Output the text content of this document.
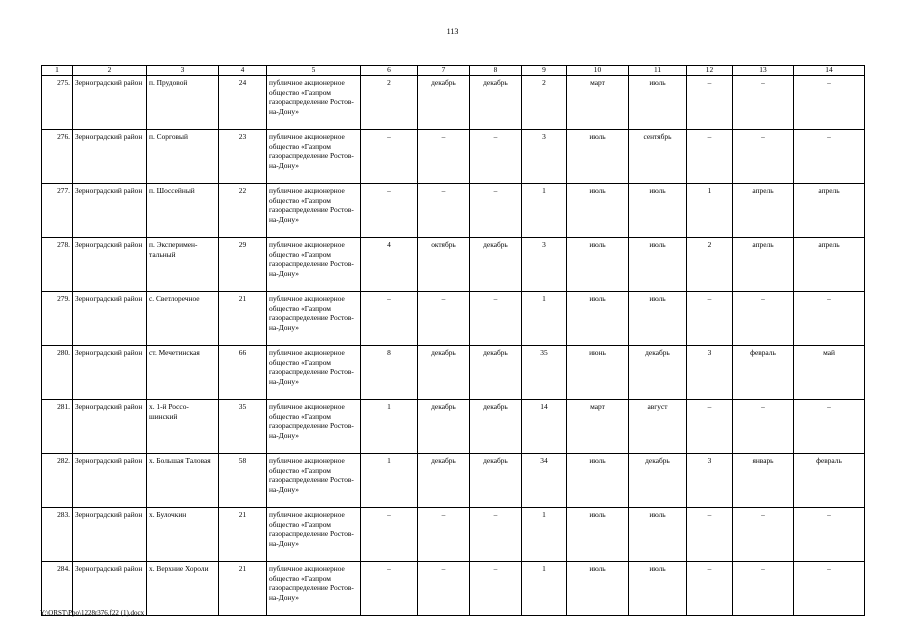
113
1	2	3	4	5	6	7	8	9	10	11	12	13	14
275.	Зерноградский район	п. Прудовой	24	публичное акционерное общество «Газпром газораспределение Ростов-на-Дону»	2	декабрь	декабрь	2	март	июль	–	–	–
276.	Зерноградский район	п. Сорговый	23	публичное акционерное общество «Газпром газораспределение Ростов-на-Дону»	–	–	–	3	июль	сентябрь	–	–	–
277.	Зерноградский район	п. Шоссейный	22	публичное акционерное общество «Газпром газораспределение Ростов-на-Дону»	–	–	–	1	июль	июль	1	апрель	апрель
278.	Зерноградский район	п. Эксперимен-тальный	29	публичное акционерное общество «Газпром газораспределение Ростов-на-Дону»	4	октябрь	декабрь	3	июль	июль	2	апрель	апрель
279.	Зерноградский район	с. Светлоречное	21	публичное акционерное общество «Газпром газораспределение Ростов-на-Дону»	–	–	–	1	июль	июль	–	–	–
280.	Зерноградский район	ст. Мечетинская	66	публичное акционерное общество «Газпром газораспределение Ростов-на-Дону»	8	декабрь	декабрь	35	июнь	декабрь	3	февраль	май
281.	Зерноградский район	х. 1-й Россо-шинский	35	публичное акционерное общество «Газпром газораспределение Ростов-на-Дону»	1	декабрь	декабрь	14	март	август	–	–	–
282.	Зерноградский район	х. Большая Таловая	58	публичное акционерное общество «Газпром газораспределение Ростов-на-Дону»	1	декабрь	декабрь	34	июль	декабрь	3	январь	февраль
283.	Зерноградский район	х. Булочкин	21	публичное акционерное общество «Газпром газораспределение Ростов-на-Дону»	–	–	–	1	июль	июль	–	–	–
284.	Зерноградский район	х. Верхние Хороли	21	публичное акционерное общество «Газпром газораспределение Ростов-на-Дону»	–	–	–	1	июль	июль	–	–	–
Y:\ORST\Ppo\1228r376.f22 (1).docx
